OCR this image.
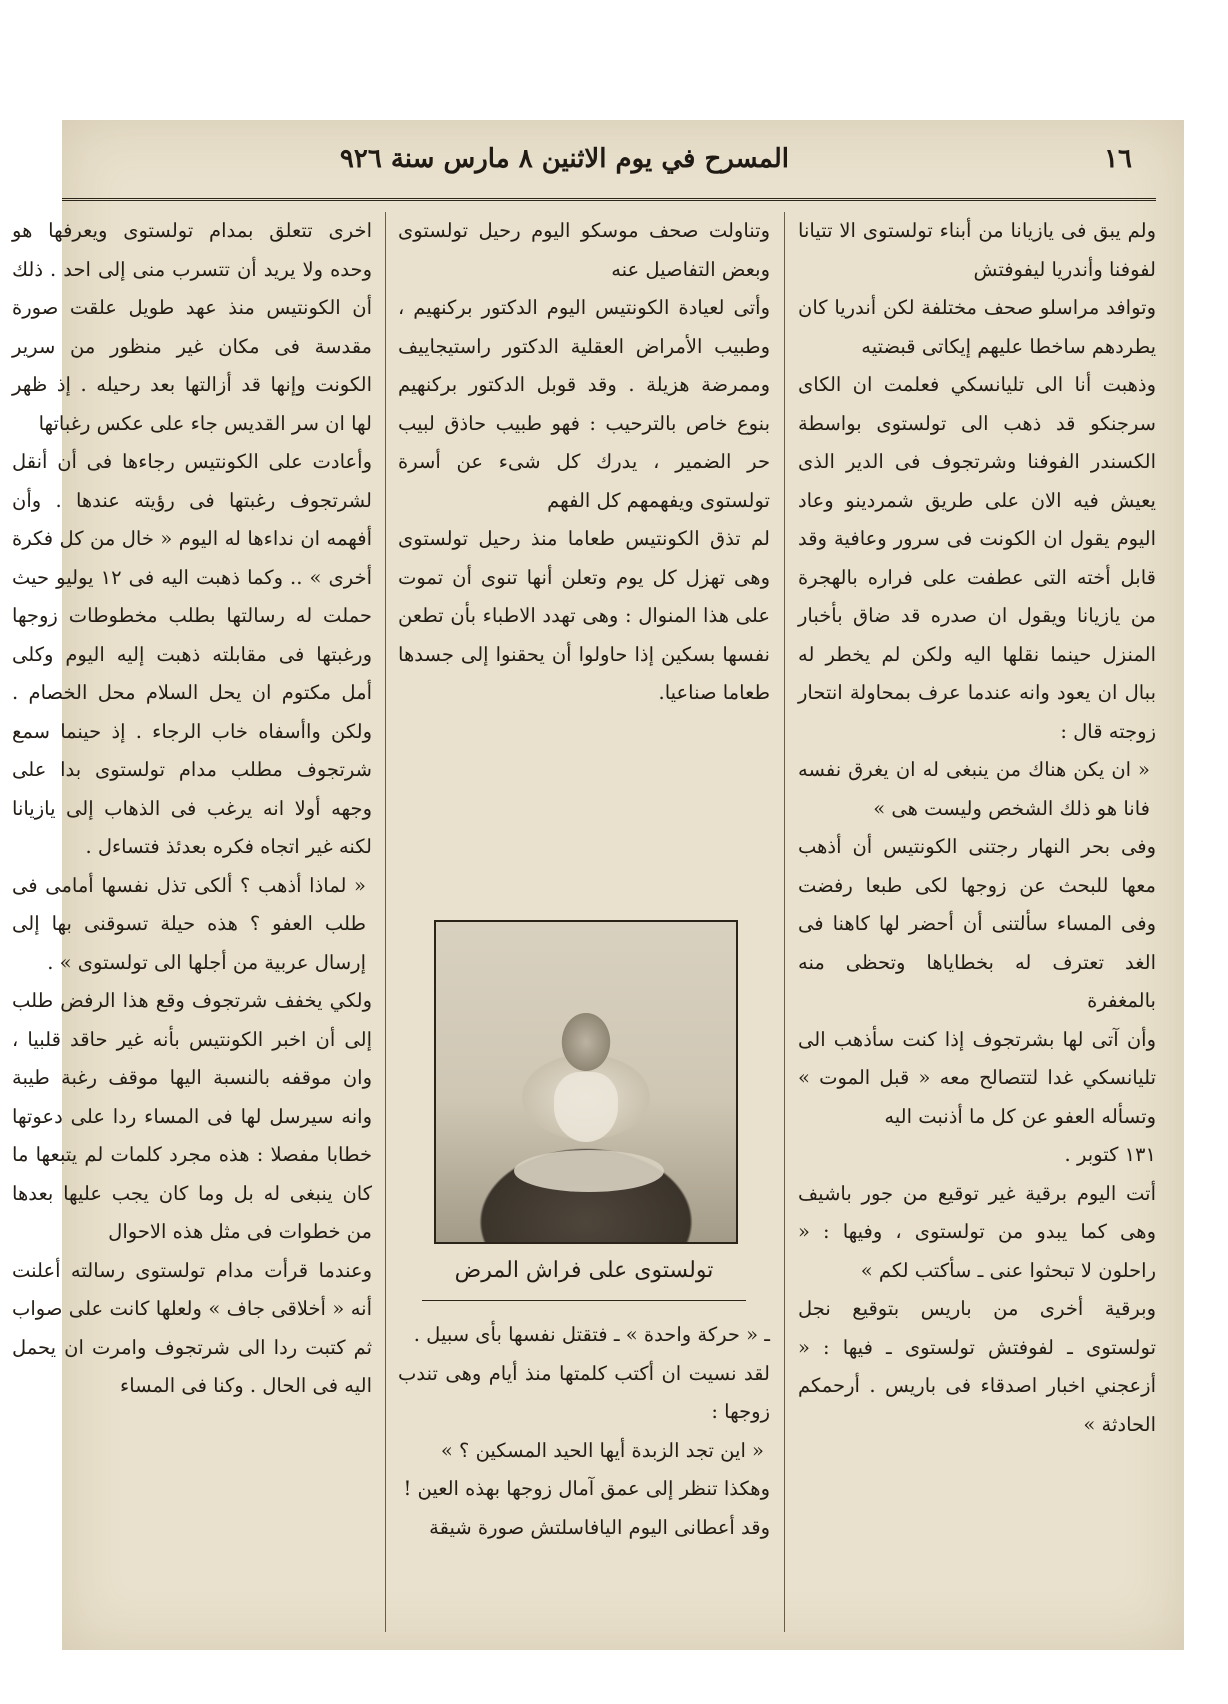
١٦
المسرح في يوم الاثنين ٨ مارس سنة ٩٢٦

ولم يبق فى يازيانا من أبناء تولستوى الا تتيانا لفوفنا وأندريا ليفوفتش

وتوافد مراسلو صحف مختلفة لكن أندريا كان يطردهم ساخطا عليهم إيكاتى قبضتيه

وذهبت أنا الى تليانسكي فعلمت ان الكاى سرجنكو قد ذهب الى تولستوى بواسطة الكسندر الفوفنا وشرتجوف فى الدير الذى يعيش فيه الان على طريق شمردينو وعاد اليوم يقول ان الكونت فى سرور وعافية وقد قابل أخته التى عطفت على فراره بالهجرة من يازيانا ويقول ان صدره قد ضاق بأخبار المنزل حينما نقلها اليه ولكن لم يخطر له ببال ان يعود وانه عندما عرف بمحاولة انتحار زوجته قال :

« ان يكن هناك من ينبغى له ان يغرق نفسه فانا هو ذلك الشخص وليست هى »

وفى بحر النهار رجتنى الكونتيس أن أذهب معها للبحث عن زوجها لكى طبعا رفضت وفى المساء سألتنى أن أحضر لها كاهنا فى الغد تعترف له بخطاياها وتحظى منه بالمغفرة

وأن آتى لها بشرتجوف إذا كنت سأذهب الى تليانسكي غدا لتتصالح معه « قبل الموت » وتسأله العفو عن كل ما أذنبت اليه

١٣١ كتوبر .

أتت اليوم برقية غير توقيع من جور باشيف وهى كما يبدو من تولستوى ، وفيها : « راحلون لا تبحثوا عنى ـ سأكتب لكم »

وبرقية أخرى من باريس بتوقيع نجل تولستوى ـ لفوفتش تولستوى ـ فيها : « أزعجني اخبار اصدقاء فى باريس . أرحمكم الحادثة »

وتناولت صحف موسكو اليوم رحيل تولستوى وبعض التفاصيل عنه

وأتى لعيادة الكونتيس اليوم الدكتور بركنهيم ، وطبيب الأمراض العقلية الدكتور راستيجاييف وممرضة هزيلة . وقد قوبل الدكتور بركنهيم بنوع خاص بالترحيب : فهو طبيب حاذق لبيب حر الضمير ، يدرك كل شىء عن أسرة تولستوى ويفهمهم كل الفهم

لم تذق الكونتيس طعاما منذ رحيل تولستوى وهى تهزل كل يوم وتعلن أنها تنوى أن تموت على هذا المنوال : وهى تهدد الاطباء بأن تطعن نفسها بسكين إذا حاولوا أن يحقنوا إلى جسدها طعاما صناعيا.

تولستوى على فراش المرض

ـ « حركة واحدة » ـ فتقتل نفسها بأى سبيل .

لقد نسيت ان أكتب كلمتها منذ أيام وهى تندب زوجها :

« اين تجد الزبدة أيها الحيد المسكين ؟ »

وهكذا تنظر إلى عمق آمال زوجها بهذه العين !

وقد أعطانى اليوم اليافاسلتش صورة شيقة

اخرى تتعلق بمدام تولستوى ويعرفها هو وحده ولا يريد أن تتسرب منى إلى احد . ذلك أن الكونتيس منذ عهد طويل علقت صورة مقدسة فى مكان غير منظور من سرير الكونت وإنها قد أزالتها بعد رحيله . إذ ظهر لها ان سر القديس جاء على عكس رغباتها

وأعادت على الكونتيس رجاءها فى أن أنقل لشرتجوف رغبتها فى رؤيته عندها . وأن أفهمه ان نداءها له اليوم « خال من كل فكرة أخرى » .. وكما ذهبت اليه فى ١٢ يوليو حيث حملت له رسالتها بطلب مخطوطات زوجها ورغبتها فى مقابلته ذهبت إليه اليوم وكلى أمل مكتوم ان يحل السلام محل الخصام . ولكن واأسفاه خاب الرجاء . إذ حينما سمع شرتجوف مطلب مدام تولستوى بدا على وجهه أولا انه يرغب فى الذهاب إلى يازيانا لكنه غير اتجاه فكره بعدئذ فتساءل .

« لماذا أذهب ؟ ألكى تذل نفسها أمامى فى طلب العفو ؟ هذه حيلة تسوقنى بها إلى إرسال عربية من أجلها الى تولستوى » .

ولكي يخفف شرتجوف وقع هذا الرفض طلب إلى أن اخبر الكونتيس بأنه غير حاقد قلبيا ، وان موقفه بالنسبة اليها موقف رغبة طيبة وانه سيرسل لها فى المساء ردا على دعوتها خطابا مفصلا : هذه مجرد كلمات لم يتبعها ما كان ينبغى له بل وما كان يجب عليها بعدها من خطوات فى مثل هذه الاحوال

وعندما قرأت مدام تولستوى رسالته أعلنت أنه « أخلاقى جاف » ولعلها كانت على صواب ثم كتبت ردا الى شرتجوف وامرت ان يحمل اليه فى الحال . وكنا فى المساء
